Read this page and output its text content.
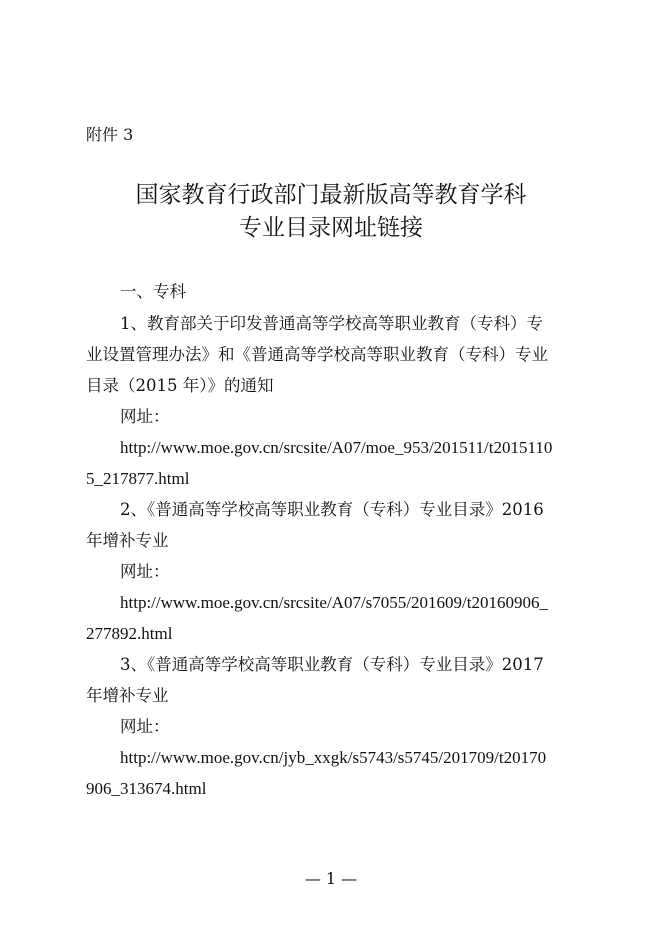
附件 3
国家教育行政部门最新版高等教育学科
专业目录网址链接
一、专科
1、教育部关于印发普通高等学校高等职业教育（专科）专
业设置管理办法》和《普通高等学校高等职业教育（专科）专业
目录（2015 年）》的通知
网址：
http://www.moe.gov.cn/srcsite/A07/moe_953/201511/t2015110
5_217877.html
2、《普通高等学校高等职业教育（专科）专业目录》2016
年增补专业
网址：
http://www.moe.gov.cn/srcsite/A07/s7055/201609/t20160906_
277892.html
3、《普通高等学校高等职业教育（专科）专业目录》2017
年增补专业
网址：
http://www.moe.gov.cn/jyb_xxgk/s5743/s5745/201709/t20170
906_313674.html
— 1 —
